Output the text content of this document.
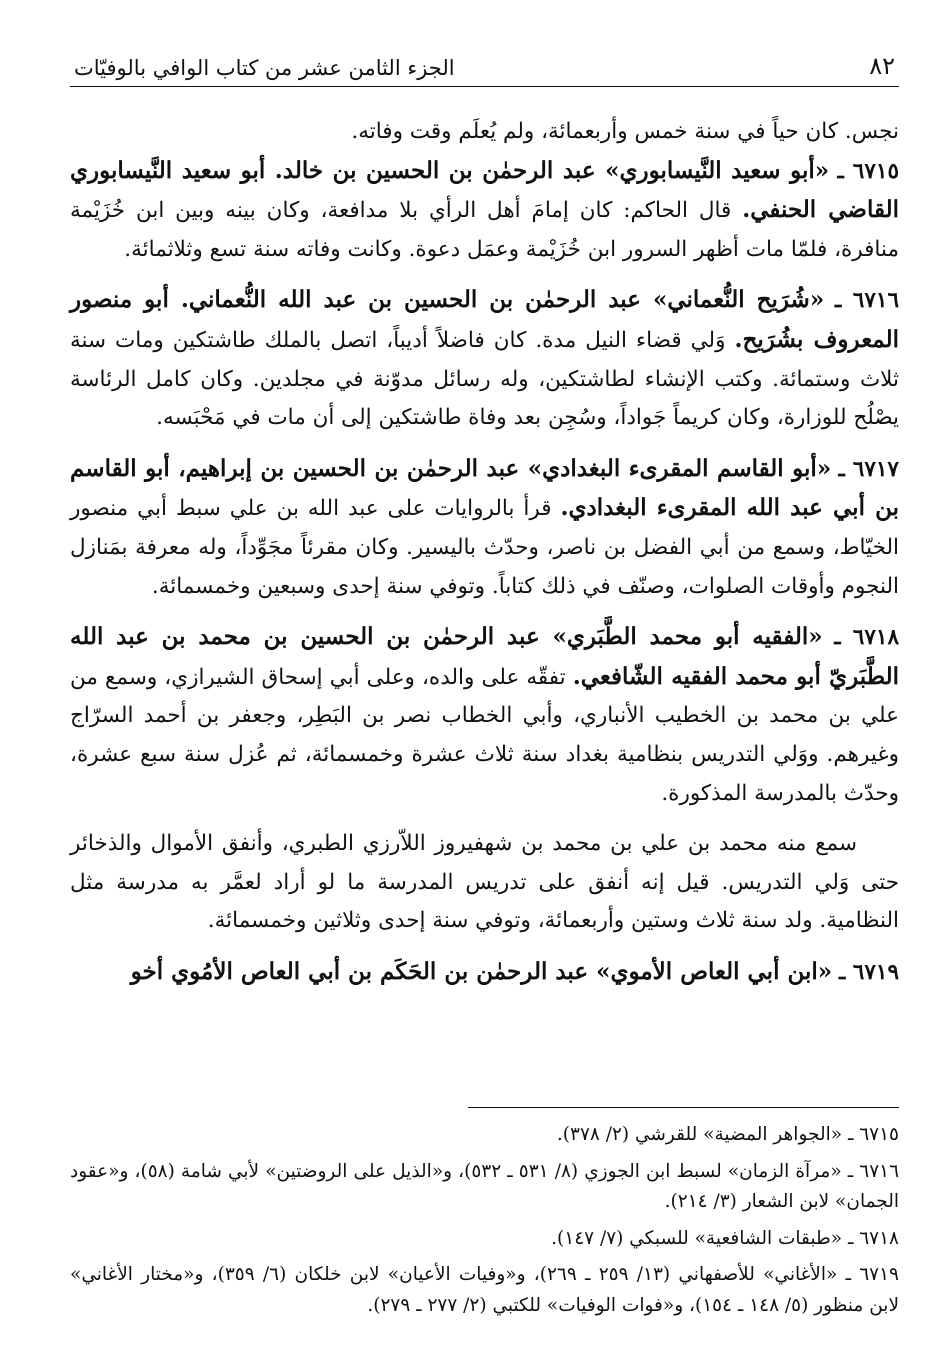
٨٢
الجزء الثامن عشر من كتاب الوافي بالوفيّات

نجس. كان حياً في سنة خمس وأربعمائة، ولم يُعلَم وقت وفاته.

٦٧١٥ ـ «أبو سعيد النَّيسابوري» عبد الرحمٰن بن الحسين بن خالد. أبو سعيد النَّيسابوري القاضي الحنفي. قال الحاكم: كان إمامَ أهل الرأي بلا مدافعة، وكان بينه وبين ابن خُزَيْمة منافرة، فلمّا مات أظهر السرور ابن خُزَيْمة وعمَل دعوة. وكانت وفاته سنة تسع وثلاثمائة.

٦٧١٦ ـ «شُرَيح النُّعماني» عبد الرحمٰن بن الحسين بن عبد الله النُّعماني. أبو منصور المعروف بشُرَيح. وَلي قضاء النيل مدة. كان فاضلاً أديباً، اتصل بالملك طاشتكين ومات سنة ثلاث وستمائة. وكتب الإنشاء لطاشتكين، وله رسائل مدوّنة في مجلدين. وكان كامل الرئاسة يصْلُح للوزارة، وكان كريماً جَواداً، وسُجِن بعد وفاة طاشتكين إلى أن مات في مَحْبَسه.

٦٧١٧ ـ «أبو القاسم المقرىء البغدادي» عبد الرحمٰن بن الحسين بن إبراهيم، أبو القاسم بن أبي عبد الله المقرىء البغدادي. قرأ بالروايات على عبد الله بن علي سبط أبي منصور الخيّاط، وسمع من أبي الفضل بن ناصر، وحدّث باليسير. وكان مقرئاً مجَوِّداً، وله معرفة بمَنازل النجوم وأوقات الصلوات، وصنّف في ذلك كتاباً. وتوفي سنة إحدى وسبعين وخمسمائة.

٦٧١٨ ـ «الفقيه أبو محمد الطَّبَري» عبد الرحمٰن بن الحسين بن محمد بن عبد الله الطَّبَريّ أبو محمد الفقيه الشّافعي. تفقّه على والده، وعلى أبي إسحاق الشيرازي، وسمع من علي بن محمد بن الخطيب الأنباري، وأبي الخطاب نصر بن البَطِر، وجعفر بن أحمد السرّاج وغيرهم. ووَلي التدريس بنظامية بغداد سنة ثلاث عشرة وخمسمائة، ثم عُزل سنة سبع عشرة، وحدّث بالمدرسة المذكورة.

سمع منه محمد بن علي بن محمد بن شهفيروز اللاّرزي الطبري، وأنفق الأموال والذخائر حتى وَلي التدريس. قيل إنه أنفق على تدريس المدرسة ما لو أراد لعمَّر به مدرسة مثل النظامية. ولد سنة ثلاث وستين وأربعمائة، وتوفي سنة إحدى وثلاثين وخمسمائة.

٦٧١٩ ـ «ابن أبي العاص الأموي» عبد الرحمٰن بن الحَكَم بن أبي العاص الأمُوي أخو

٦٧١٥ ـ «الجواهر المضية» للقرشي (٢/ ٣٧٨).

٦٧١٦ ـ «مرآة الزمان» لسبط ابن الجوزي (٨/ ٥٣١ ـ ٥٣٢)، و«الذيل على الروضتين» لأبي شامة (٥٨)، و«عقود الجمان» لابن الشعار (٣/ ٢١٤).

٦٧١٨ ـ «طبقات الشافعية» للسبكي (٧/ ١٤٧).

٦٧١٩ ـ «الأغاني» للأصفهاني (١٣/ ٢٥٩ ـ ٢٦٩)، و«وفيات الأعيان» لابن خلكان (٦/ ٣٥٩)، و«مختار الأغاني» لابن منظور (٥/ ١٤٨ ـ ١٥٤)، و«فوات الوفيات» للكتبي (٢/ ٢٧٧ ـ ٢٧٩).
